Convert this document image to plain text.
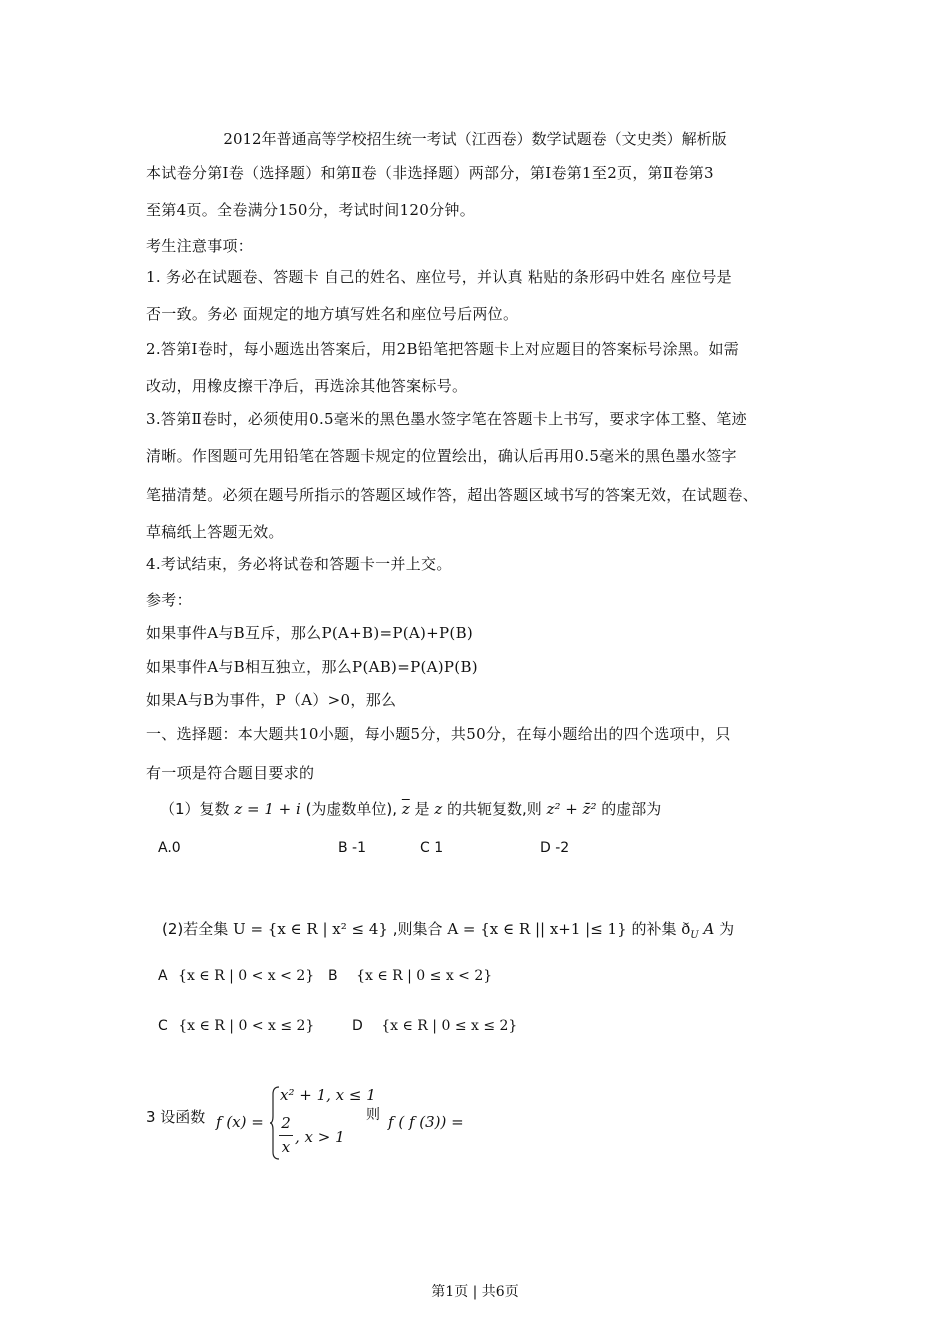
2012年普通高等学校招生统一考试（江西卷）数学试题卷（文史类）解析版
本试卷分第Ⅰ卷（选择题）和第Ⅱ卷（非选择题）两部分，第Ⅰ卷第1至2页，第Ⅱ卷第3
至第4页。全卷满分150分，考试时间120分钟。
考生注意事项：
1. 务必在试题卷、答题卡 自己的姓名、座位号，并认真 粘贴的条形码中姓名 座位号是
否一致。务必 面规定的地方填写姓名和座位号后两位。
2.答第Ⅰ卷时，每小题选出答案后，用2B铅笔把答题卡上对应题目的答案标号涂黑。如需
改动，用橡皮擦干净后，再选涂其他答案标号。
3.答第Ⅱ卷时，必须使用0.5毫米的黑色墨水签字笔在答题卡上书写，要求字体工整、笔迹
清晰。作图题可先用铅笔在答题卡规定的位置绘出，确认后再用0.5毫米的黑色墨水签字
笔描清楚。必须在题号所指示的答题区域作答，超出答题区域书写的答案无效，在试题卷、
草稿纸上答题无效。
4.考试结束，务必将试卷和答题卡一并上交。
参考：
如果事件A与B互斥，那么P(A+B)=P(A)+P(B)
如果事件A与B相互独立，那么P(AB)=P(A)P(B)
如果A与B为事件，P（A）>0，那么
一、选择题：本大题共10小题，每小题5分，共50分，在每小题给出的四个选项中，只
有一项是符合题目要求的
（1）复数 z = 1 + i (为虚数单位), $\overline{z}$ 是 z 的共轭复数,则 z² + z̄² 的虚部为
A.0	B -1	C 1	D -2
(2)若全集 U = {x ∈ R | x² ≤ 4} ,则集合 A = {x ∈ R || x+1 |≤ 1} 的补集 $ð_U$ A 为
A {x ∈ R | 0 < x < 2} B {x ∈ R | 0 ≤ x < 2}
C {x ∈ R | 0 < x ≤ 2}	D {x ∈ R | 0 ≤ x ≤ 2}
3 设函数 f (x) =
x² + 1, x ≤ 1
2
x
, x > 1
则 f ( f (3)) =
第1页 | 共6页
